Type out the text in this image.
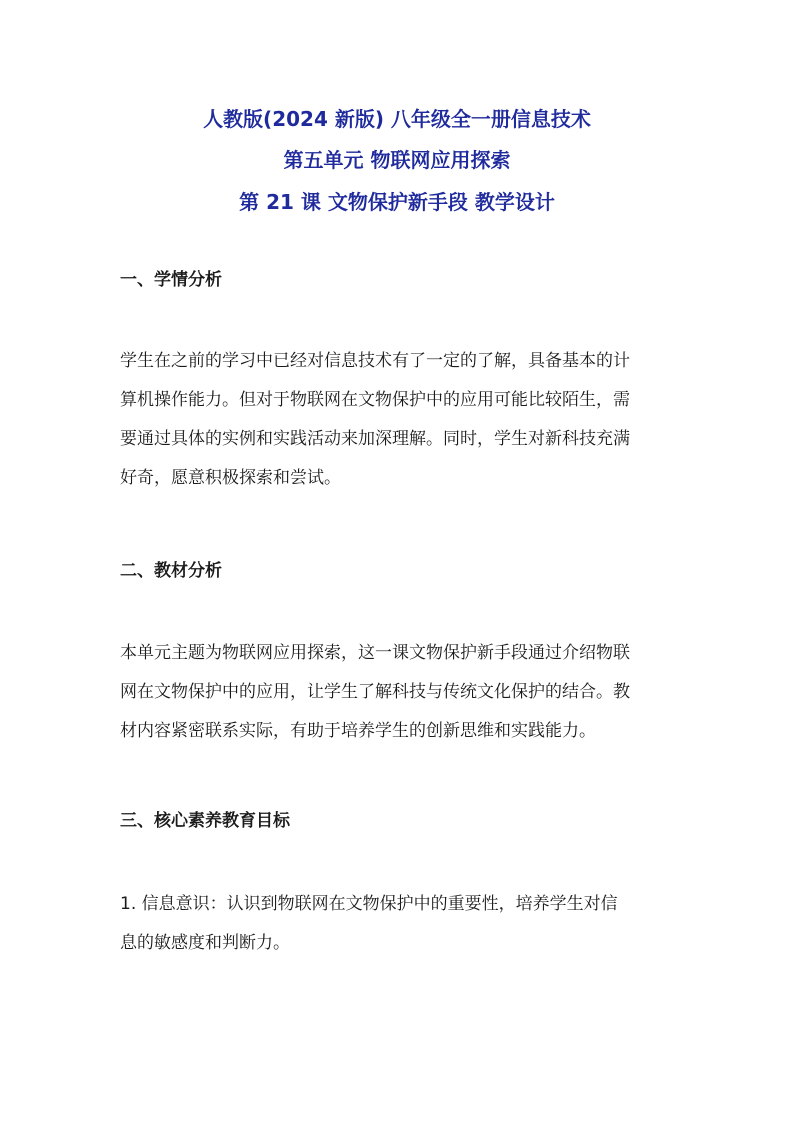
人教版(2024 新版) 八年级全一册信息技术
第五单元 物联网应用探索
第 21 课 文物保护新手段 教学设计
一、学情分析
学生在之前的学习中已经对信息技术有了一定的了解，具备基本的计
算机操作能力。但对于物联网在文物保护中的应用可能比较陌生，需
要通过具体的实例和实践活动来加深理解。同时，学生对新科技充满
好奇，愿意积极探索和尝试。
二、教材分析
本单元主题为物联网应用探索，这一课文物保护新手段通过介绍物联
网在文物保护中的应用，让学生了解科技与传统文化保护的结合。教
材内容紧密联系实际，有助于培养学生的创新思维和实践能力。
三、核心素养教育目标
1. 信息意识：认识到物联网在文物保护中的重要性，培养学生对信
息的敏感度和判断力。
